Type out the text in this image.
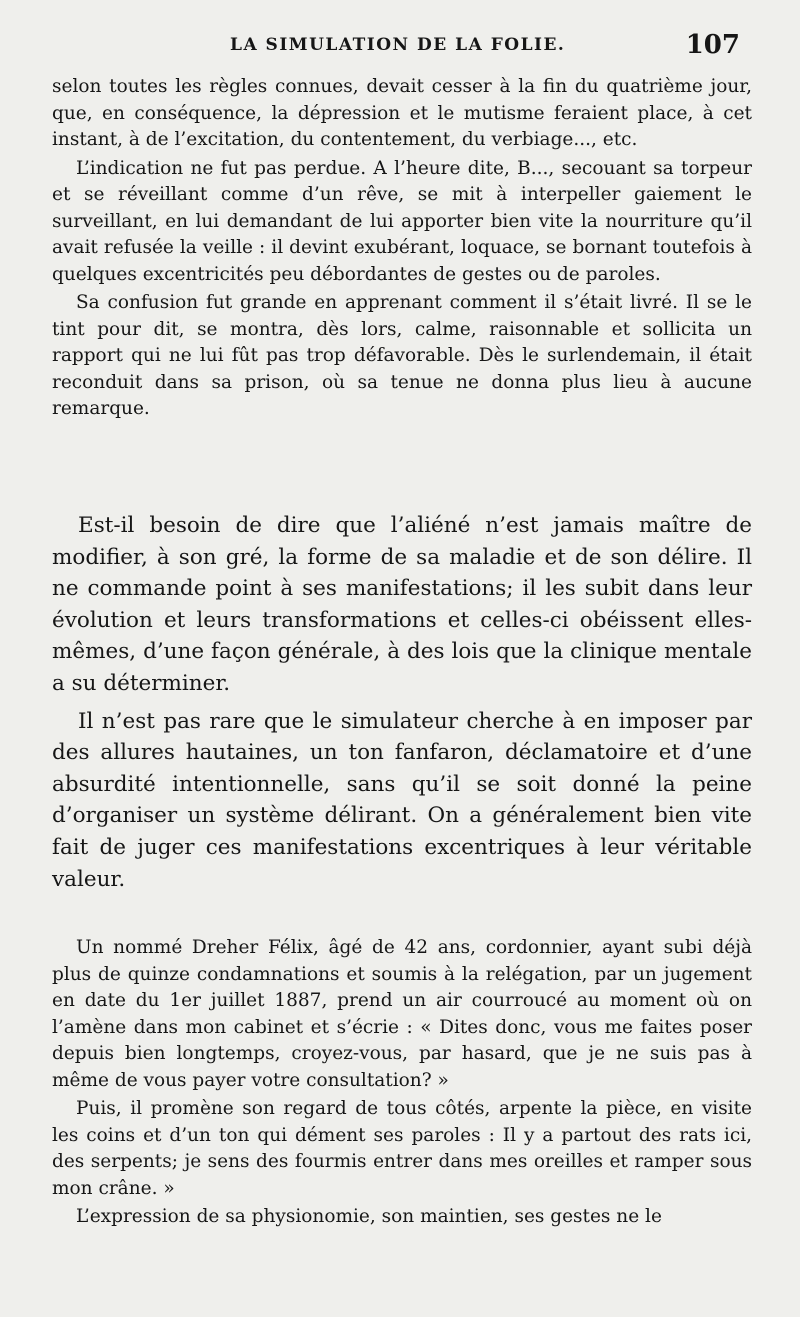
LA SIMULATION DE LA FOLIE.	107

selon toutes les règles connues, devait cesser à la fin du quatrième jour, que, en conséquence, la dépression et le mutisme feraient place, à cet instant, à de l’excitation, du contentement, du verbiage..., etc.

L’indication ne fut pas perdue. A l’heure dite, B..., secouant sa torpeur et se réveillant comme d’un rêve, se mit à interpeller gaiement le surveillant, en lui demandant de lui apporter bien vite la nourriture qu’il avait refusée la veille : il devint exubérant, loquace, se bornant toutefois à quelques excentricités peu débordantes de gestes ou de paroles.

Sa confusion fut grande en apprenant comment il s’était livré. Il se le tint pour dit, se montra, dès lors, calme, raisonnable et sollicita un rapport qui ne lui fût pas trop défavorable. Dès le surlendemain, il était reconduit dans sa prison, où sa tenue ne donna plus lieu à aucune remarque.

Est-il besoin de dire que l’aliéné n’est jamais maître de modifier, à son gré, la forme de sa maladie et de son délire. Il ne commande point à ses manifestations; il les subit dans leur évolution et leurs transformations et celles-ci obéissent elles-mêmes, d’une façon générale, à des lois que la clinique mentale a su déterminer.

Il n’est pas rare que le simulateur cherche à en imposer par des allures hautaines, un ton fanfaron, déclamatoire et d’une absurdité intentionnelle, sans qu’il se soit donné la peine d’organiser un système délirant. On a généralement bien vite fait de juger ces manifestations excentriques à leur véritable valeur.

Un nommé Dreher Félix, âgé de 42 ans, cordonnier, ayant subi déjà plus de quinze condamnations et soumis à la relégation, par un jugement en date du 1er juillet 1887, prend un air courroucé au moment où on l’amène dans mon cabinet et s’écrie : « Dites donc, vous me faites poser depuis bien longtemps, croyez-vous, par hasard, que je ne suis pas à même de vous payer votre consultation? »

Puis, il promène son regard de tous côtés, arpente la pièce, en visite les coins et d’un ton qui dément ses paroles : Il y a partout des rats ici, des serpents; je sens des fourmis entrer dans mes oreilles et ramper sous mon crâne. »

L’expression de sa physionomie, son maintien, ses gestes ne le
